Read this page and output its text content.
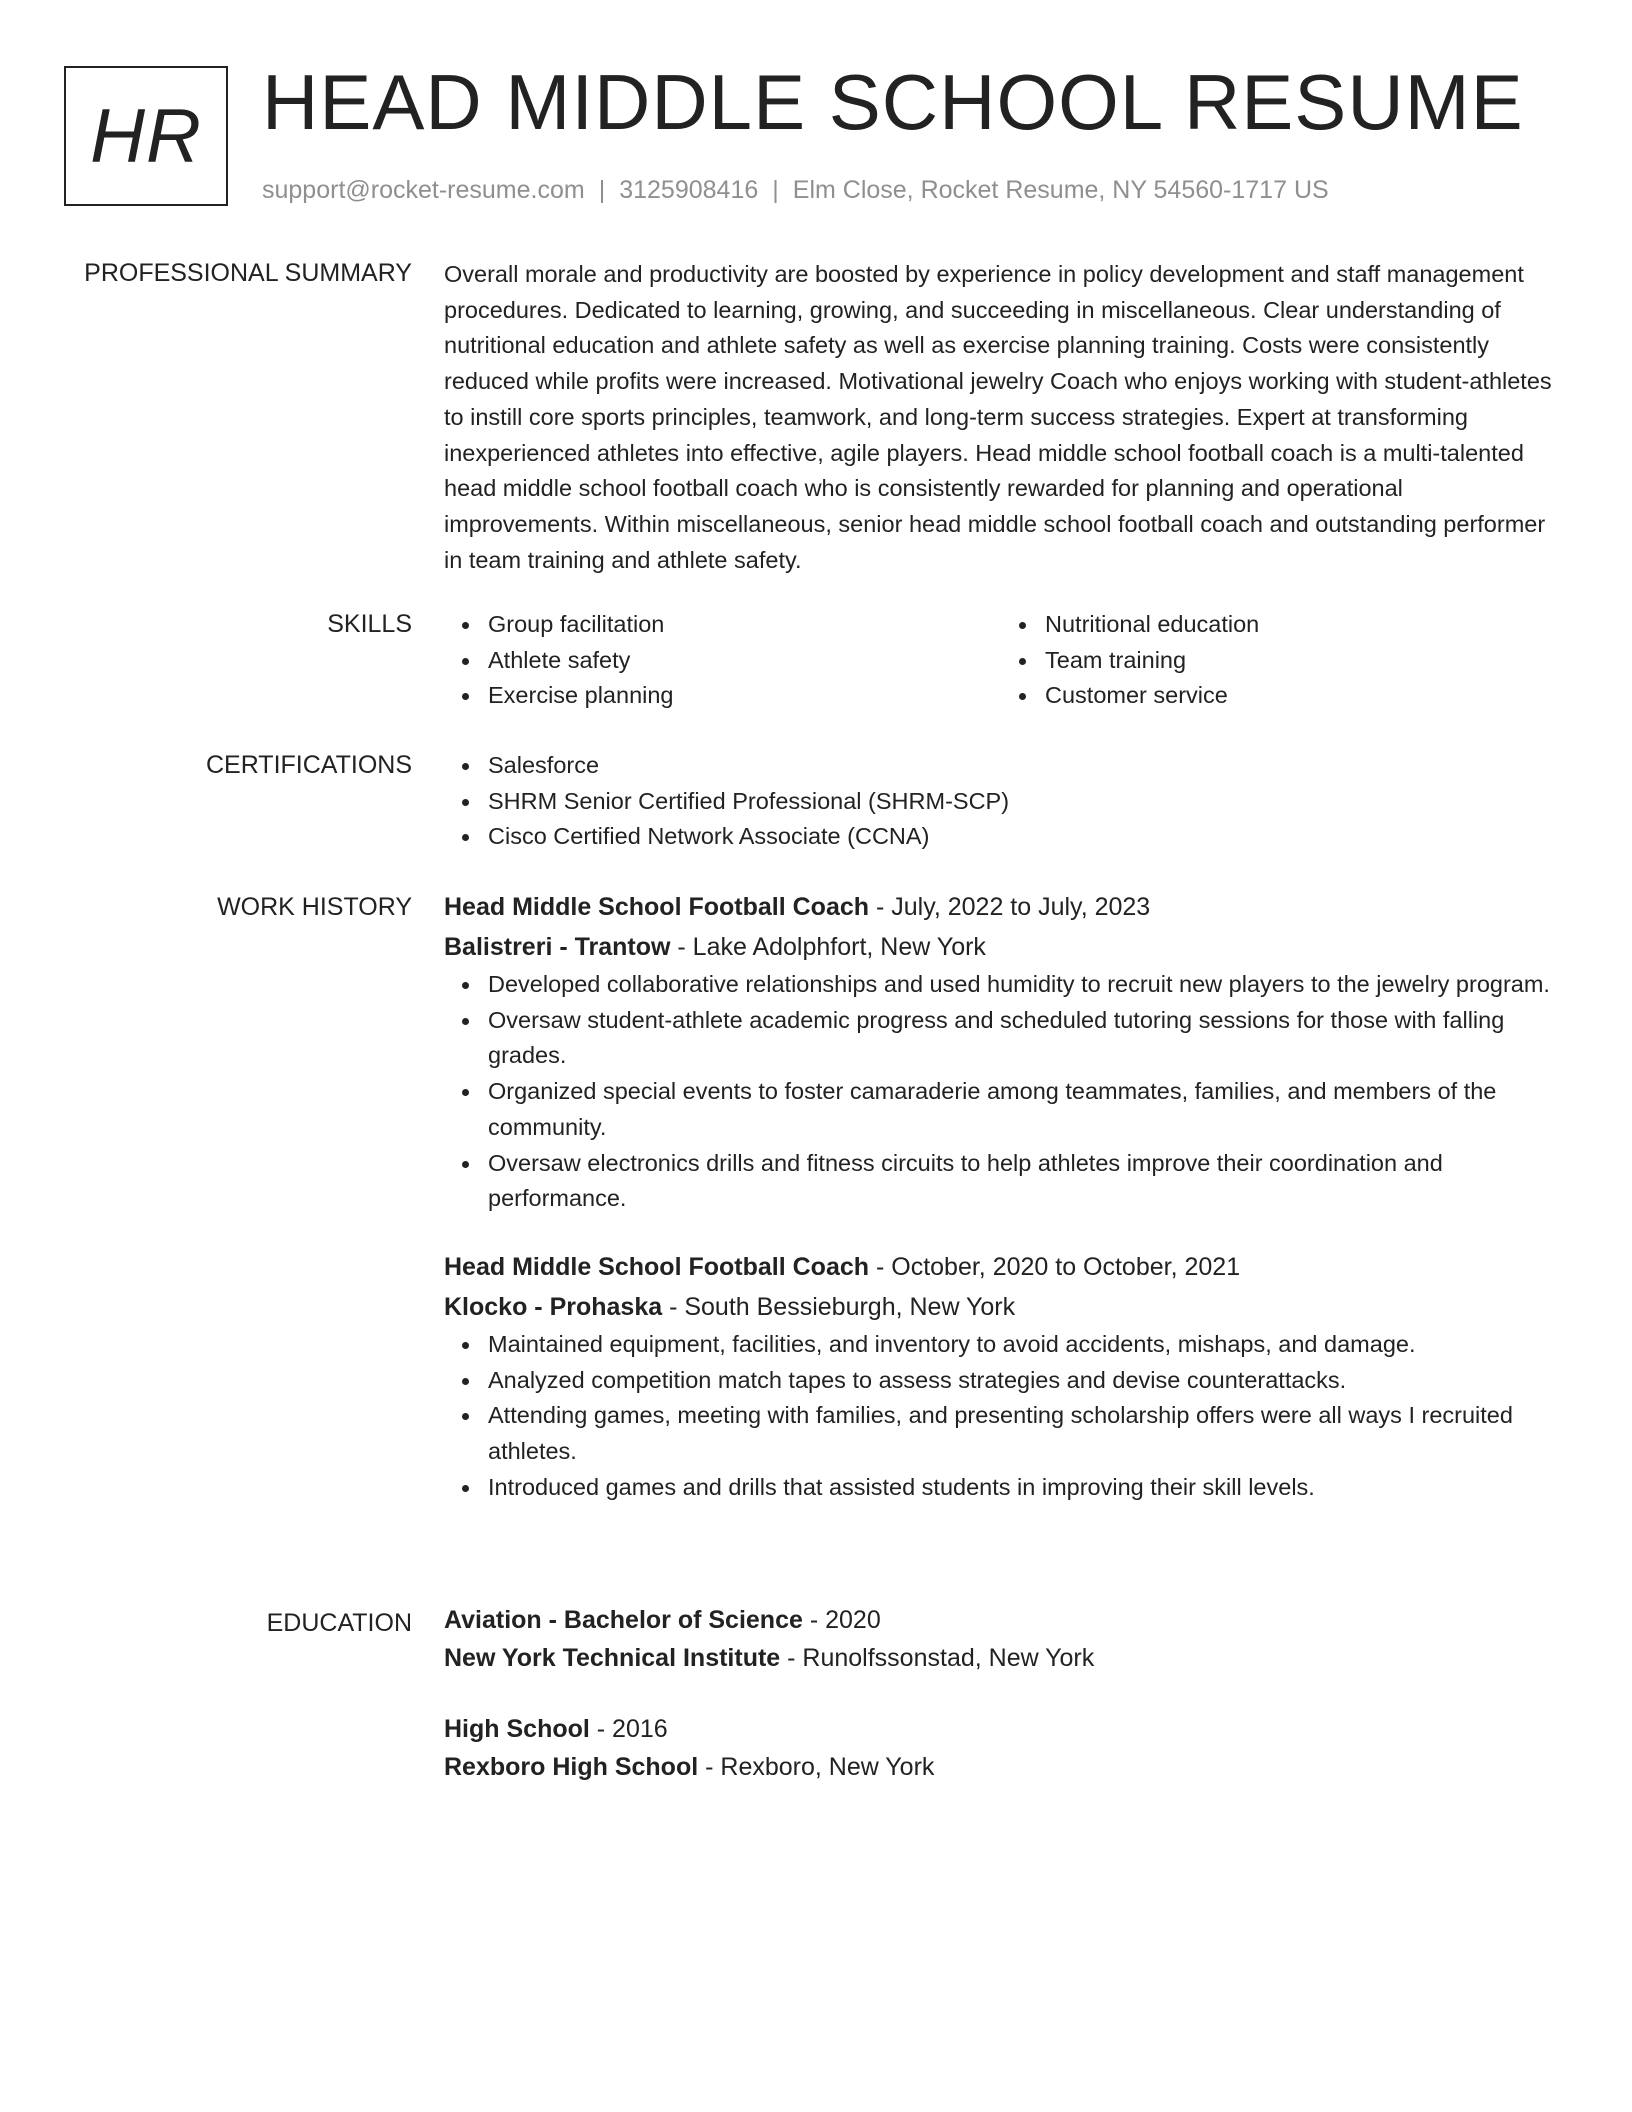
HR HEAD MIDDLE SCHOOL RESUME
support@rocket-resume.com | 3125908416 | Elm Close, Rocket Resume, NY 54560-1717 US
PROFESSIONAL SUMMARY Overall morale and productivity are boosted by experience in policy development and staff management procedures. Dedicated to learning, growing, and succeeding in miscellaneous. Clear understanding of nutritional education and athlete safety as well as exercise planning training. Costs were consistently reduced while profits were increased. Motivational jewelry Coach who enjoys working with student-athletes to instill core sports principles, teamwork, and long-term success strategies. Expert at transforming inexperienced athletes into effective, agile players. Head middle school football coach is a multi-talented head middle school football coach who is consistently rewarded for planning and operational improvements. Within miscellaneous, senior head middle school football coach and outstanding performer in team training and athlete safety.

SKILLS	Group facilitation
Athlete safety
Exercise planning
Nutritional education
Team training
Customer service
CERTIFICATIONS	Salesforce
SHRM Senior Certified Professional (SHRM-SCP)
Cisco Certified Network Associate (CCNA)
WORK HISTORY Head Middle School Football Coach - July, 2022 to July, 2023
Balistreri - Trantow - Lake Adolphfort, New York
Developed collaborative relationships and used humidity to recruit new players to the jewelry program.
Oversaw student-athlete academic progress and scheduled tutoring sessions for those with falling grades.
Organized special events to foster camaraderie among teammates, families, and members of the community.
Oversaw electronics drills and fitness circuits to help athletes improve their coordination and performance.
Head Middle School Football Coach - October, 2020 to October, 2021
Klocko - Prohaska - South Bessieburgh, New York
Maintained equipment, facilities, and inventory to avoid accidents, mishaps, and damage.
Analyzed competition match tapes to assess strategies and devise counterattacks.
Attending games, meeting with families, and presenting scholarship offers were all ways I recruited athletes.
Introduced games and drills that assisted students in improving their skill levels.
EDUCATION Aviation - Bachelor of Science - 2020
New York Technical Institute - Runolfssonstad, New York
High School - 2016
Rexboro High School - Rexboro, New York
